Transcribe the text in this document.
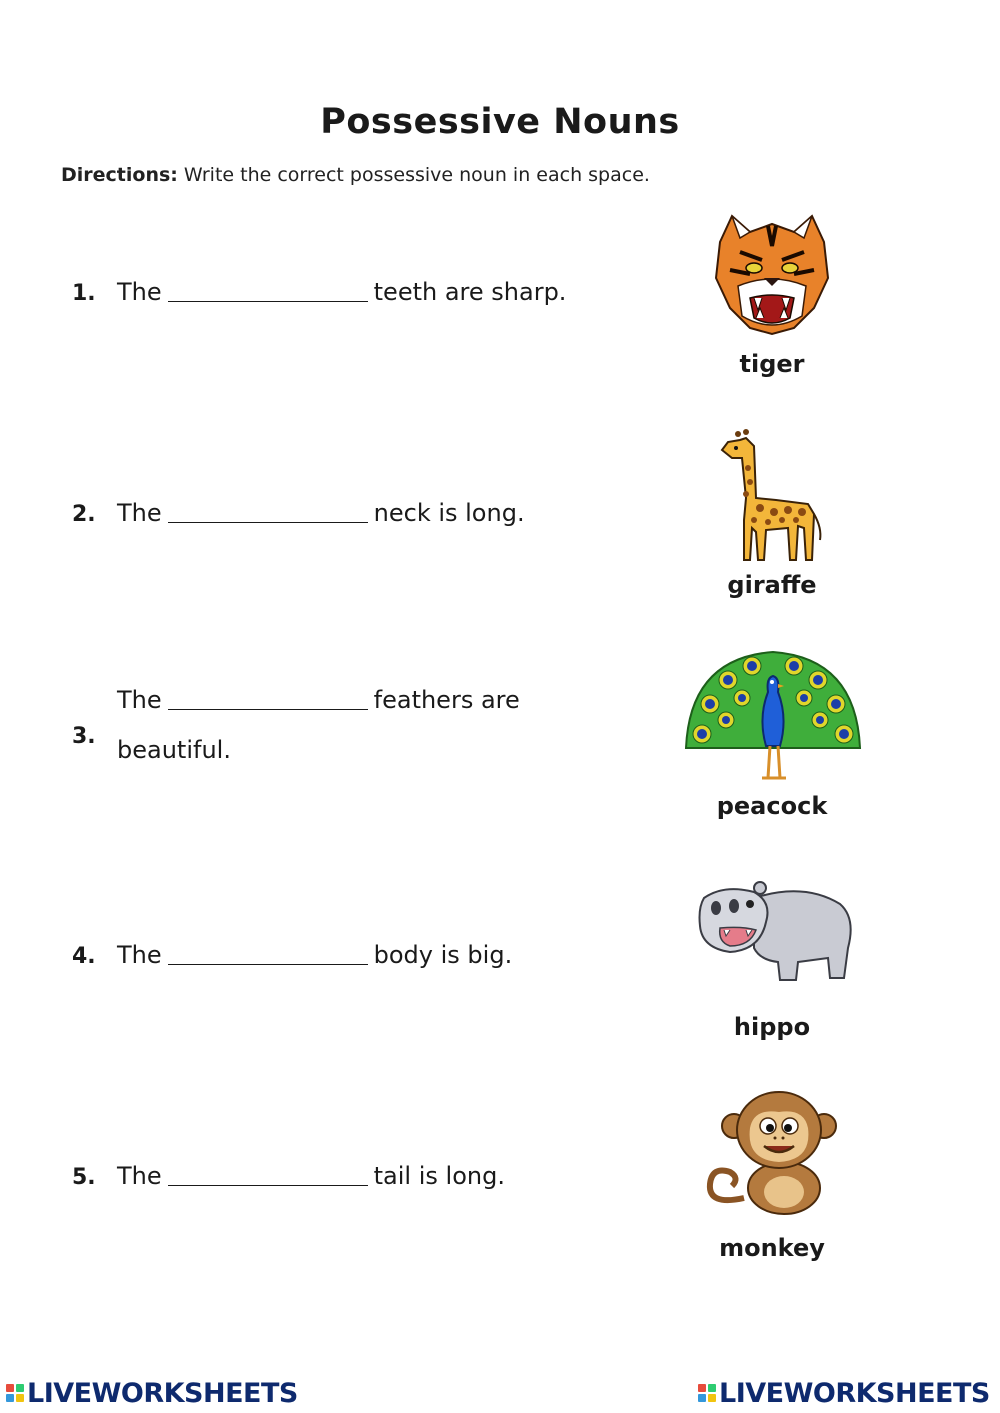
Possessive Nouns
Directions: Write the correct possessive noun in each space.
1. The	teeth are sharp.
2. The	neck is long.
3.
The	feathers are
beautiful.
4. The	body is big.
5. The	tail is long.
tiger
giraffe
peacock
hippo
monkey
LIVEWORKSHEETS	LIVEWORKSHEETS
